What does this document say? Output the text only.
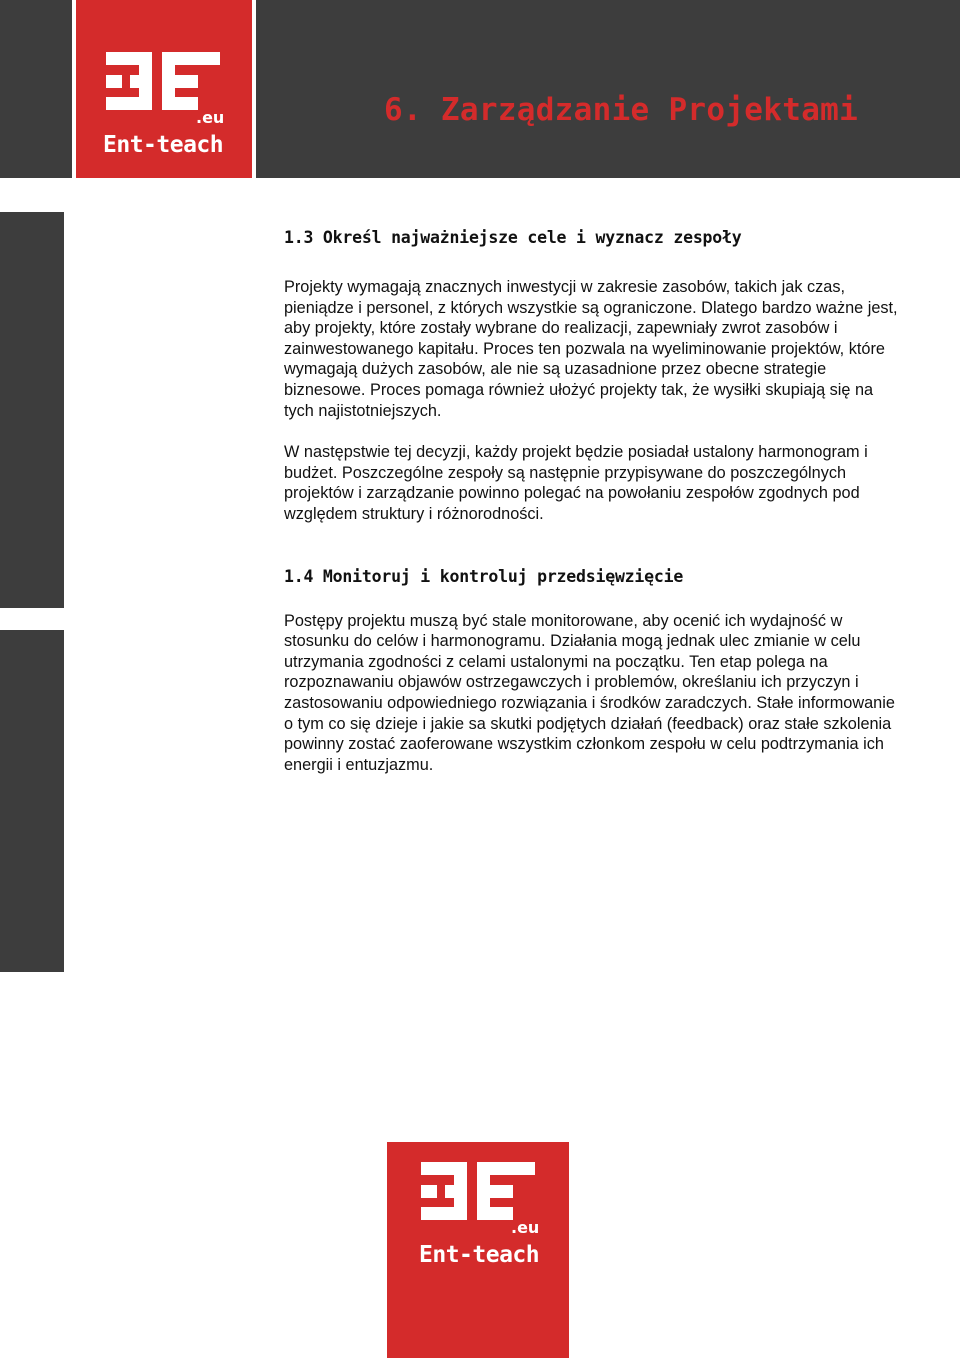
.eu
Ent-teach
6. Zarządzanie Projektami
1.3 Określ najważniejsze cele i wyznacz zespoły

Projekty wymagają znacznych inwestycji w zakresie zasobów, takich jak czas, pieniądze i personel, z których wszystkie są ograniczone. Dlatego bardzo ważne jest, aby projekty, które zostały wybrane do realizacji, zapewniały zwrot zasobów i zainwestowanego kapitału. Proces ten pozwala na wyeliminowanie projektów, które wymagają dużych zasobów, ale nie są uzasadnione przez obecne strategie biznesowe. Proces pomaga również ułożyć projekty tak, że wysiłki skupiają się na tych najistotniejszych.

W następstwie tej decyzji, każdy projekt będzie posiadał ustalony harmonogram i budżet. Poszczególne zespoły są następnie przypisywane do poszczególnych projektów i zarządzanie powinno polegać na powołaniu zespołów zgodnych pod względem struktury i różnorodności.

1.4 Monitoruj i kontroluj przedsięwzięcie

Postępy projektu muszą być stale monitorowane, aby ocenić ich wydajność w stosunku do celów i harmonogramu. Działania mogą jednak ulec zmianie w celu utrzymania zgodności z celami ustalonymi na początku. Ten etap polega na rozpoznawaniu objawów ostrzegawczych i problemów, określaniu ich przyczyn i zastosowaniu odpowiedniego rozwiązania i środków zaradczych. Stałe informowanie o tym co się dzieje i jakie sa skutki podjętych działań (feedback) oraz stałe szkolenia powinny zostać zaoferowane wszystkim członkom zespołu w celu podtrzymania ich energii i entuzjazmu.

.eu
Ent-teach
